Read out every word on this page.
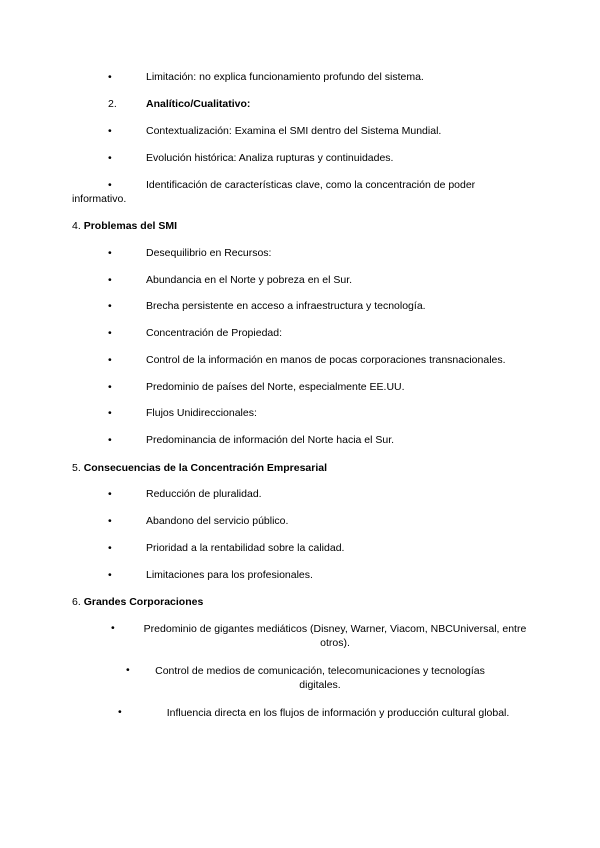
•	Limitación: no explica funcionamiento profundo del sistema.
2.	Analítico/Cualitativo:
•	Contextualización: Examina el SMI dentro del Sistema Mundial.
•	Evolución histórica: Analiza rupturas y continuidades.
•	Identificación de características clave, como la concentración de poder
informativo.
4. Problemas del SMI
•	Desequilibrio en Recursos:
•	Abundancia en el Norte y pobreza en el Sur.
•	Brecha persistente en acceso a infraestructura y tecnología.
•	Concentración de Propiedad:
•	Control de la información en manos de pocas corporaciones transnacionales.
•	Predominio de países del Norte, especialmente EE.UU.
•	Flujos Unidireccionales:
•	Predominancia de información del Norte hacia el Sur.
5. Consecuencias de la Concentración Empresarial
•	Reducción de pluralidad.
•	Abandono del servicio público.
•	Prioridad a la rentabilidad sobre la calidad.
•	Limitaciones para los profesionales.
6. Grandes Corporaciones
•	Predominio de gigantes mediáticos (Disney, Warner, Viacom, NBCUniversal, entre otros).
•	Control de medios de comunicación, telecomunicaciones y tecnologías digitales.
•	Influencia directa en los flujos de información y producción cultural global.
